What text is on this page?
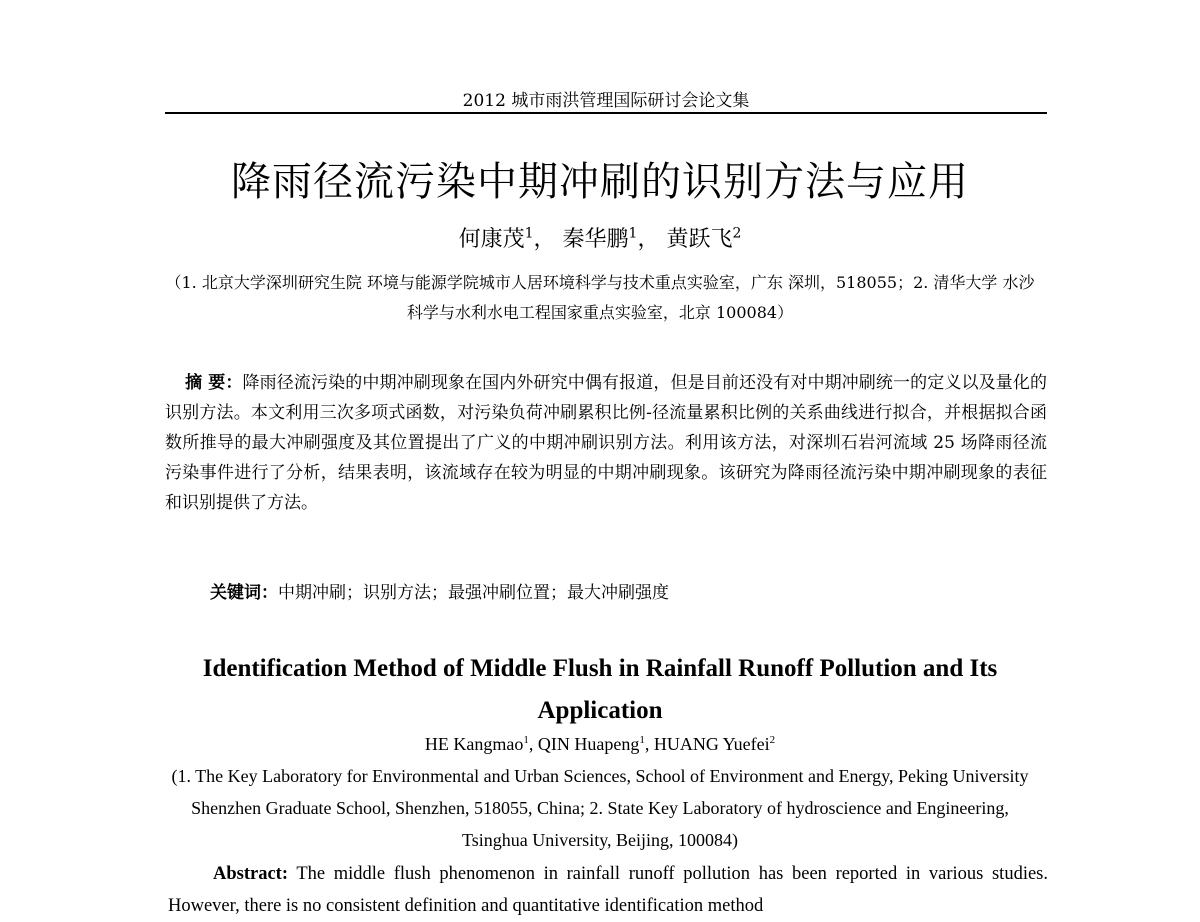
2012 城市雨洪管理国际研讨会论文集
降雨径流污染中期冲刷的识别方法与应用
何康茂$^1$， 秦华鹏$^1$， 黄跃飞$^2$
（1. 北京大学深圳研究生院 环境与能源学院城市人居环境科学与技术重点实验室，广东 深圳，518055；2. 清华大学 水沙科学与水利水电工程国家重点实验室，北京 100084）
摘 要：降雨径流污染的中期冲刷现象在国内外研究中偶有报道，但是目前还没有对中期冲刷统一的定义以及量化的识别方法。本文利用三次多项式函数，对污染负荷冲刷累积比例-径流量累积比例的关系曲线进行拟合，并根据拟合函数所推导的最大冲刷强度及其位置提出了广义的中期冲刷识别方法。利用该方法，对深圳石岩河流域 25 场降雨径流污染事件进行了分析，结果表明，该流域存在较为明显的中期冲刷现象。该研究为降雨径流污染中期冲刷现象的表征和识别提供了方法。
关键词：中期冲刷；识别方法；最强冲刷位置；最大冲刷强度
Identification Method of Middle Flush in Rainfall Runoff Pollution and Its Application
HE Kangmao$^1$, QIN Huapeng$^1$, HUANG Yuefei$^2$
(1. The Key Laboratory for Environmental and Urban Sciences, School of Environment and Energy, Peking University Shenzhen Graduate School, Shenzhen, 518055, China; 2. State Key Laboratory of hydroscience and Engineering, Tsinghua University, Beijing, 100084)
Abstract: The middle flush phenomenon in rainfall runoff pollution has been reported in various studies. However, there is no consistent definition and quantitative identification method
